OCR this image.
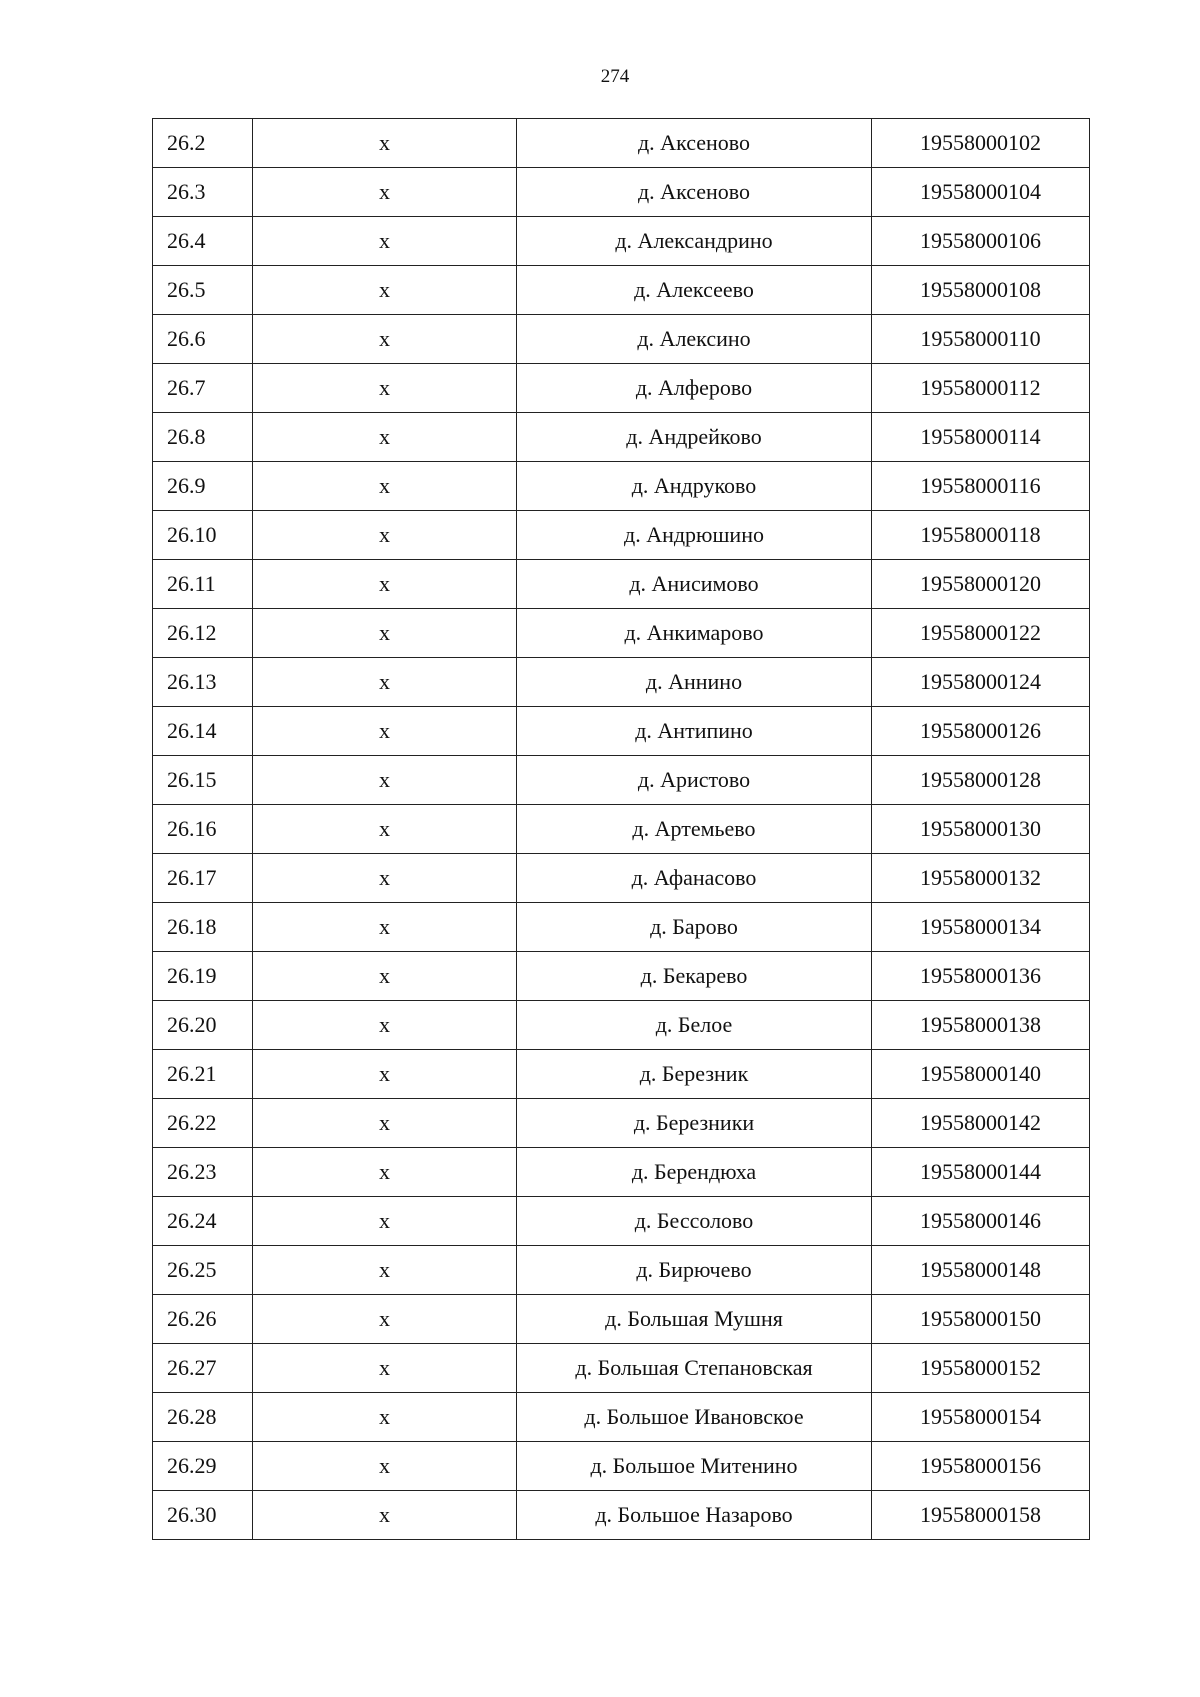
274
26.2	x	д. Аксеново	19558000102
26.3	x	д. Аксеново	19558000104
26.4	x	д. Александрино	19558000106
26.5	x	д. Алексеево	19558000108
26.6	x	д. Алексино	19558000110
26.7	x	д. Алферово	19558000112
26.8	x	д. Андрейково	19558000114
26.9	x	д. Андруково	19558000116
26.10	x	д. Андрюшино	19558000118
26.11	x	д. Анисимово	19558000120
26.12	x	д. Анкимарово	19558000122
26.13	x	д. Аннино	19558000124
26.14	x	д. Антипино	19558000126
26.15	x	д. Аристово	19558000128
26.16	x	д. Артемьево	19558000130
26.17	x	д. Афанасово	19558000132
26.18	x	д. Барово	19558000134
26.19	x	д. Бекарево	19558000136
26.20	x	д. Белое	19558000138
26.21	x	д. Березник	19558000140
26.22	x	д. Березники	19558000142
26.23	x	д. Берендюха	19558000144
26.24	x	д. Бессолово	19558000146
26.25	x	д. Бирючево	19558000148
26.26	x	д. Большая Мушня	19558000150
26.27	x	д. Большая Степановская	19558000152
26.28	x	д. Большое Ивановское	19558000154
26.29	x	д. Большое Митенино	19558000156
26.30	x	д. Большое Назарово	19558000158
